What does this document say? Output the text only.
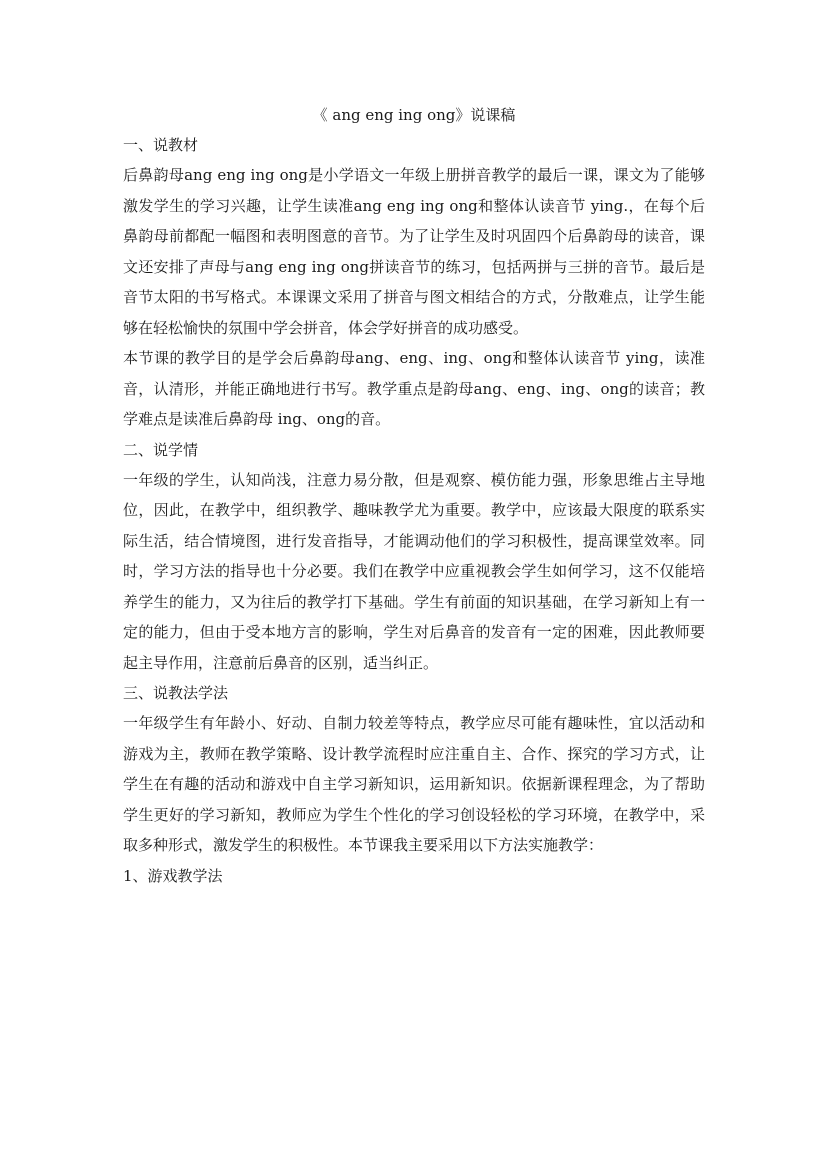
《 ang eng ing ong》说课稿

一、说教材

后鼻韵母ang eng ing ong是小学语文一年级上册拼音教学的最后一课，课文为了能够激发学生的学习兴趣，让学生读准ang eng ing ong和整体认读音节 ying.，在每个后鼻韵母前都配一幅图和表明图意的音节。为了让学生及时巩固四个后鼻韵母的读音，课文还安排了声母与ang eng ing ong拼读音节的练习，包括两拼与三拼的音节。最后是音节太阳的书写格式。本课课文采用了拼音与图文相结合的方式，分散难点，让学生能够在轻松愉快的氛围中学会拼音，体会学好拼音的成功感受。

本节课的教学目的是学会后鼻韵母ang、eng、ing、ong和整体认读音节 ying，读准音，认清形，并能正确地进行书写。教学重点是韵母ang、eng、ing、ong的读音；教学难点是读准后鼻韵母 ing、ong的音。

二、说学情

一年级的学生，认知尚浅，注意力易分散，但是观察、模仿能力强，形象思维占主导地位，因此，在教学中，组织教学、趣味教学尤为重要。教学中，应该最大限度的联系实际生活，结合情境图，进行发音指导，才能调动他们的学习积极性，提高课堂效率。同时，学习方法的指导也十分必要。我们在教学中应重视教会学生如何学习，这不仅能培养学生的能力，又为往后的教学打下基础。学生有前面的知识基础，在学习新知上有一定的能力，但由于受本地方言的影响，学生对后鼻音的发音有一定的困难，因此教师要起主导作用，注意前后鼻音的区别，适当纠正。

三、说教法学法

一年级学生有年龄小、好动、自制力较差等特点，教学应尽可能有趣味性，宜以活动和游戏为主，教师在教学策略、设计教学流程时应注重自主、合作、探究的学习方式，让学生在有趣的活动和游戏中自主学习新知识，运用新知识。依据新课程理念，为了帮助学生更好的学习新知，教师应为学生个性化的学习创设轻松的学习环境，在教学中，采取多种形式，激发学生的积极性。本节课我主要采用以下方法实施教学：

1、游戏教学法
